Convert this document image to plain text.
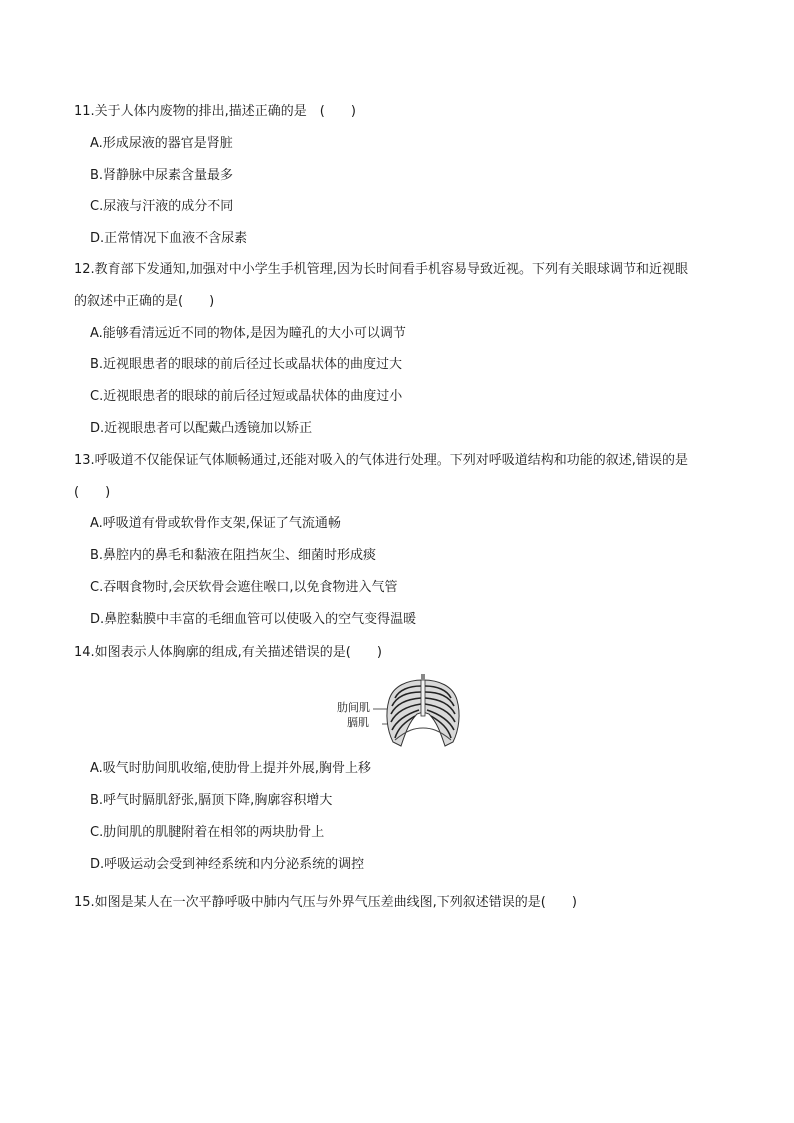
11.关于人体内废物的排出,描述正确的是　(　　)
A.形成尿液的器官是肾脏
B.肾静脉中尿素含量最多
C.尿液与汗液的成分不同
D.正常情况下血液不含尿素
12.教育部下发通知,加强对中小学生手机管理,因为长时间看手机容易导致近视。下列有关眼球调节和近视眼
的叙述中正确的是(　　)
A.能够看清远近不同的物体,是因为瞳孔的大小可以调节
B.近视眼患者的眼球的前后径过长或晶状体的曲度过大
C.近视眼患者的眼球的前后径过短或晶状体的曲度过小
D.近视眼患者可以配戴凸透镜加以矫正
13.呼吸道不仅能保证气体顺畅通过,还能对吸入的气体进行处理。下列对呼吸道结构和功能的叙述,错误的是
(　　)
A.呼吸道有骨或软骨作支架,保证了气流通畅
B.鼻腔内的鼻毛和黏液在阻挡灰尘、细菌时形成痰
C.吞咽食物时,会厌软骨会遮住喉口,以免食物进入气管
D.鼻腔黏膜中丰富的毛细血管可以使吸入的空气变得温暖
14.如图表示人体胸廓的组成,有关描述错误的是(　　)
肋间肌
膈肌
A.吸气时肋间肌收缩,使肋骨上提并外展,胸骨上移
B.呼气时膈肌舒张,膈顶下降,胸廓容积增大
C.肋间肌的肌腱附着在相邻的两块肋骨上
D.呼吸运动会受到神经系统和内分泌系统的调控
15.如图是某人在一次平静呼吸中肺内气压与外界气压差曲线图,下列叙述错误的是(　　)
